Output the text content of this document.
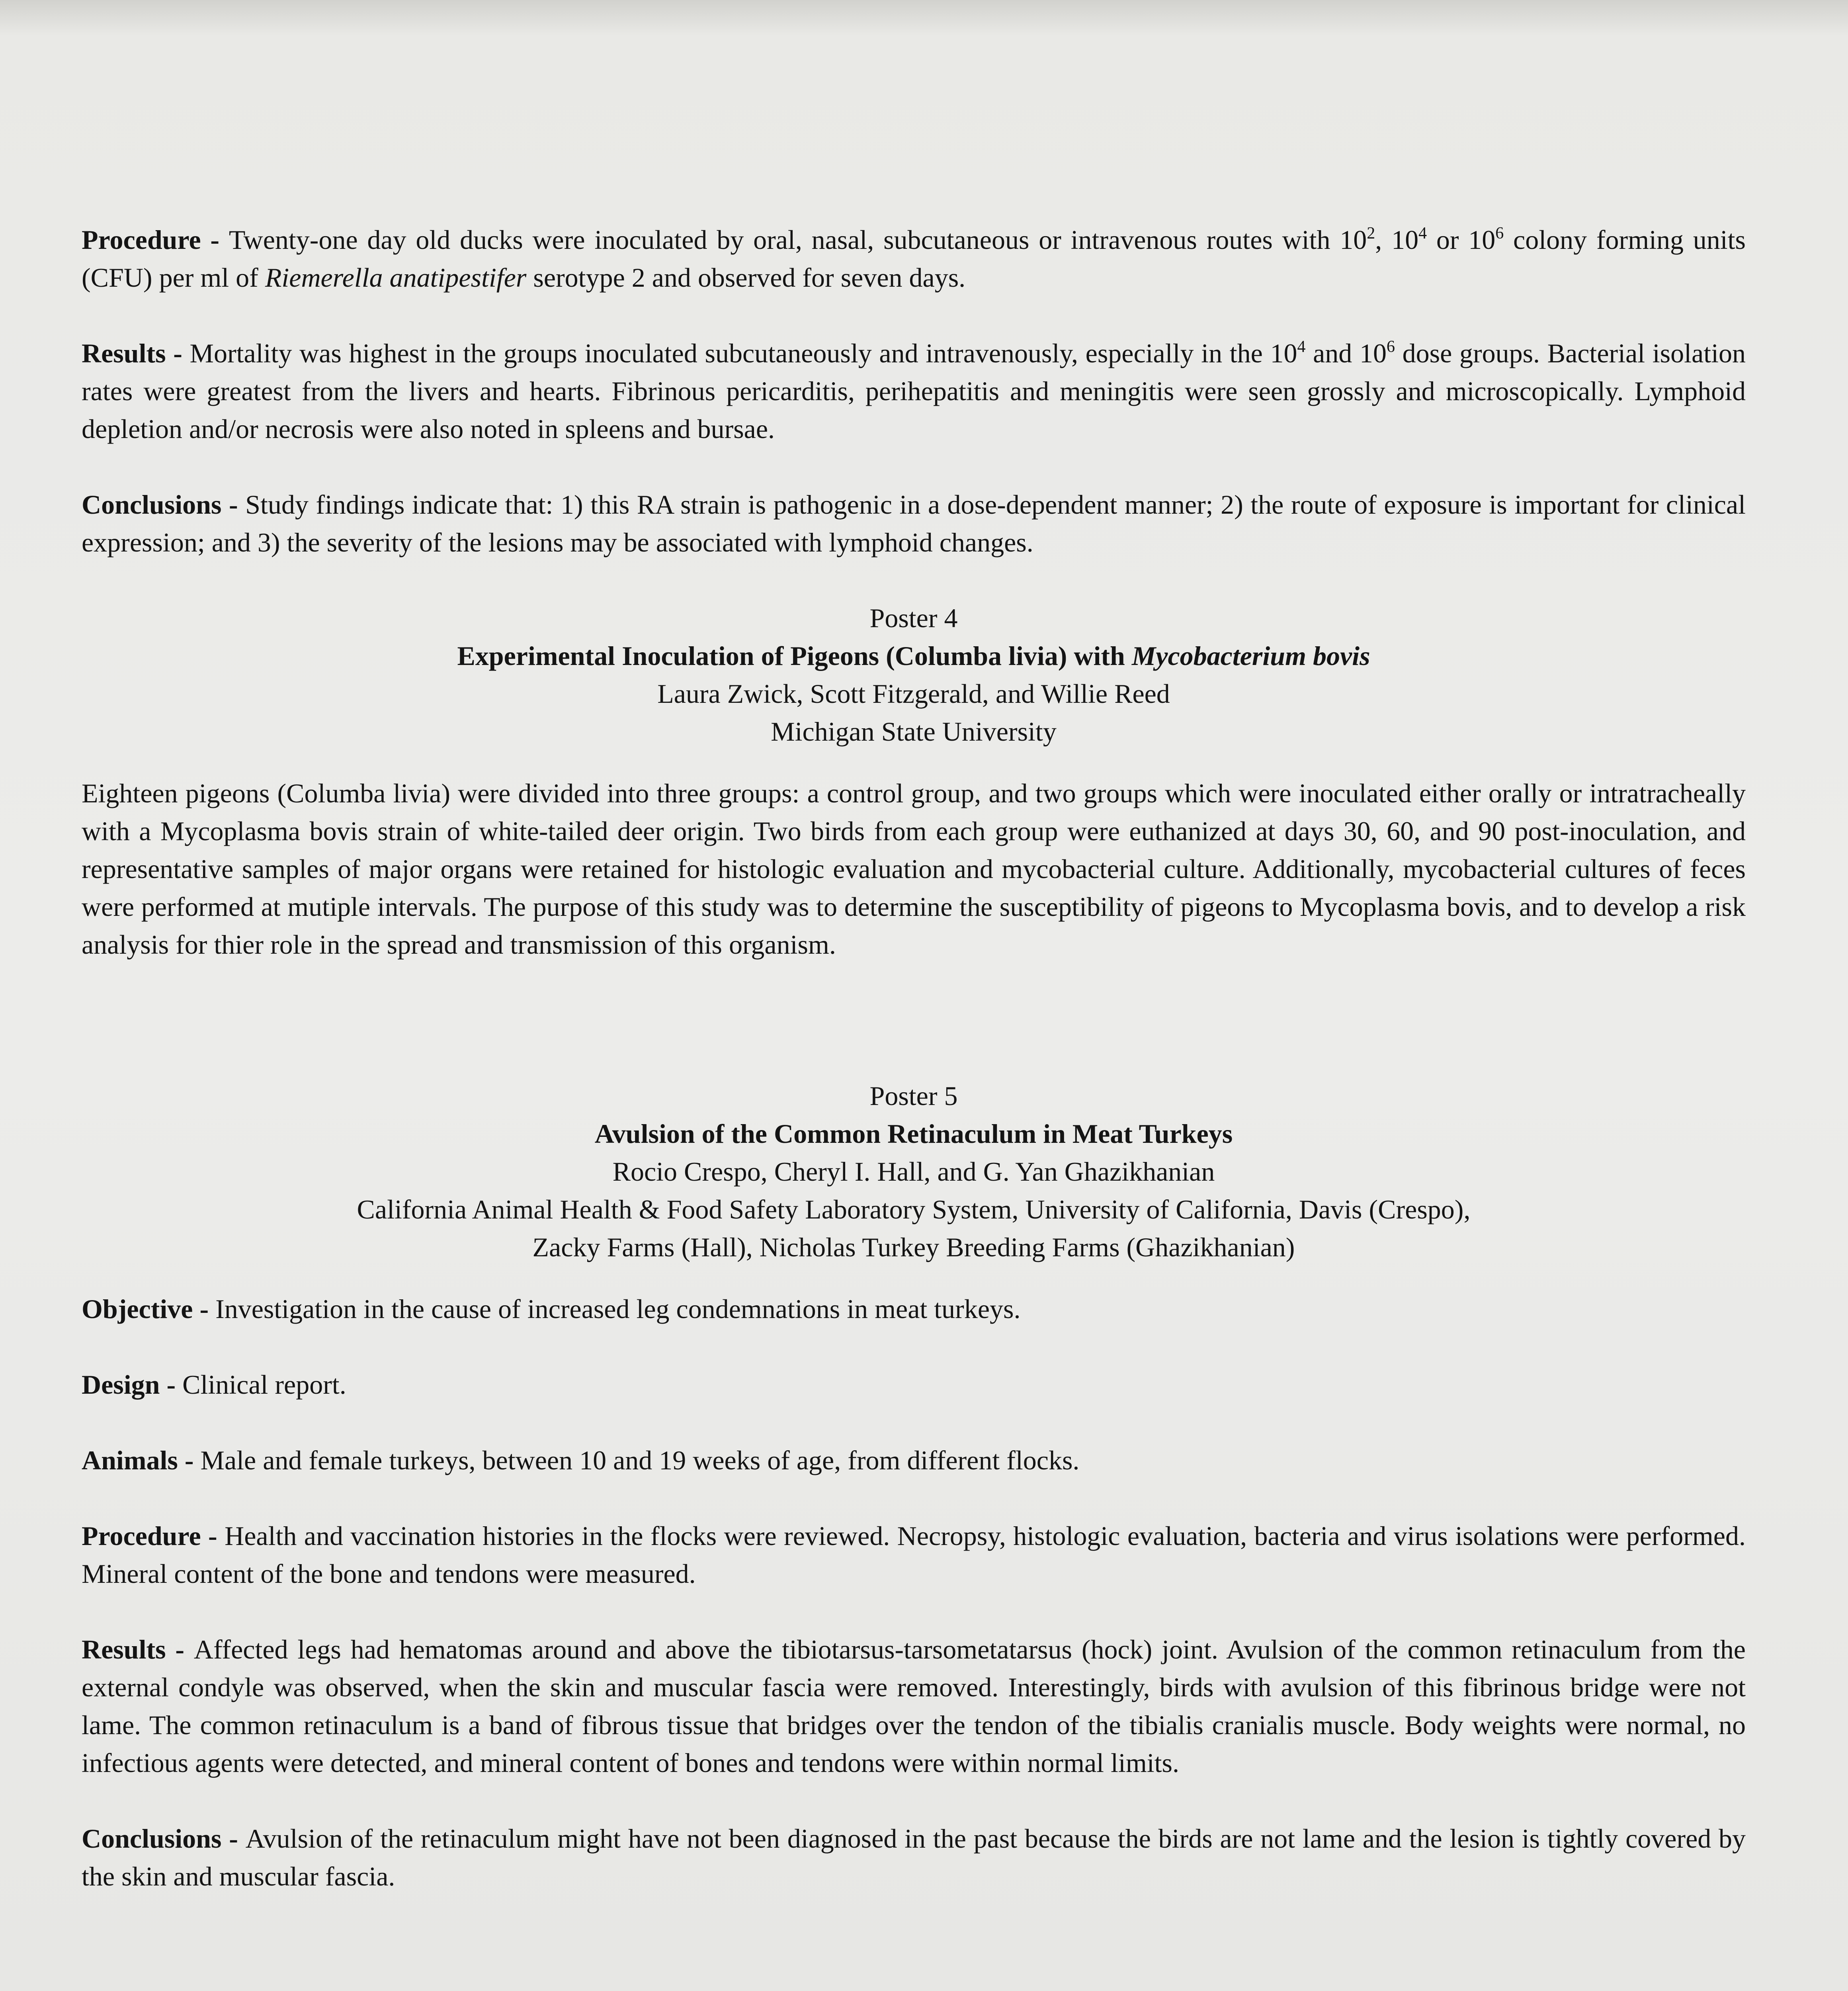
Procedure - Twenty-one day old ducks were inoculated by oral, nasal, subcutaneous or intravenous routes with $10^2$, $10^4$ or $10^6$ colony forming units (CFU) per ml of Riemerella anatipestifer serotype 2 and observed for seven days.

Results - Mortality was highest in the groups inoculated subcutaneously and intravenously, especially in the $10^4$ and $10^6$ dose groups. Bacterial isolation rates were greatest from the livers and hearts. Fibrinous pericarditis, perihepatitis and meningitis were seen grossly and microscopically. Lymphoid depletion and/or necrosis were also noted in spleens and bursae.

Conclusions - Study findings indicate that: 1) this RA strain is pathogenic in a dose-dependent manner; 2) the route of exposure is important for clinical expression; and 3) the severity of the lesions may be associated with lymphoid changes.

Poster 4

Experimental Inoculation of Pigeons (Columba livia) with Mycobacterium bovis

Laura Zwick, Scott Fitzgerald, and Willie Reed

Michigan State University

Eighteen pigeons (Columba livia) were divided into three groups: a control group, and two groups which were inoculated either orally or intratracheally with a Mycoplasma bovis strain of white-tailed deer origin. Two birds from each group were euthanized at days 30, 60, and 90 post-inoculation, and representative samples of major organs were retained for histologic evaluation and mycobacterial culture. Additionally, mycobacterial cultures of feces were performed at mutiple intervals. The purpose of this study was to determine the susceptibility of pigeons to Mycoplasma bovis, and to develop a risk analysis for thier role in the spread and transmission of this organism.

Poster 5

Avulsion of the Common Retinaculum in Meat Turkeys

Rocio Crespo, Cheryl I. Hall, and G. Yan Ghazikhanian

California Animal Health & Food Safety Laboratory System, University of California, Davis (Crespo),

Zacky Farms (Hall), Nicholas Turkey Breeding Farms (Ghazikhanian)

Objective - Investigation in the cause of increased leg condemnations in meat turkeys.

Design - Clinical report.

Animals - Male and female turkeys, between 10 and 19 weeks of age, from different flocks.

Procedure - Health and vaccination histories in the flocks were reviewed. Necropsy, histologic evaluation, bacteria and virus isolations were performed. Mineral content of the bone and tendons were measured.

Results - Affected legs had hematomas around and above the tibiotarsus-tarsometatarsus (hock) joint. Avulsion of the common retinaculum from the external condyle was observed, when the skin and muscular fascia were removed. Interestingly, birds with avulsion of this fibrinous bridge were not lame. The common retinaculum is a band of fibrous tissue that bridges over the tendon of the tibialis cranialis muscle. Body weights were normal, no infectious agents were detected, and mineral content of bones and tendons were within normal limits.

Conclusions - Avulsion of the retinaculum might have not been diagnosed in the past because the birds are not lame and the lesion is tightly covered by the skin and muscular fascia.
